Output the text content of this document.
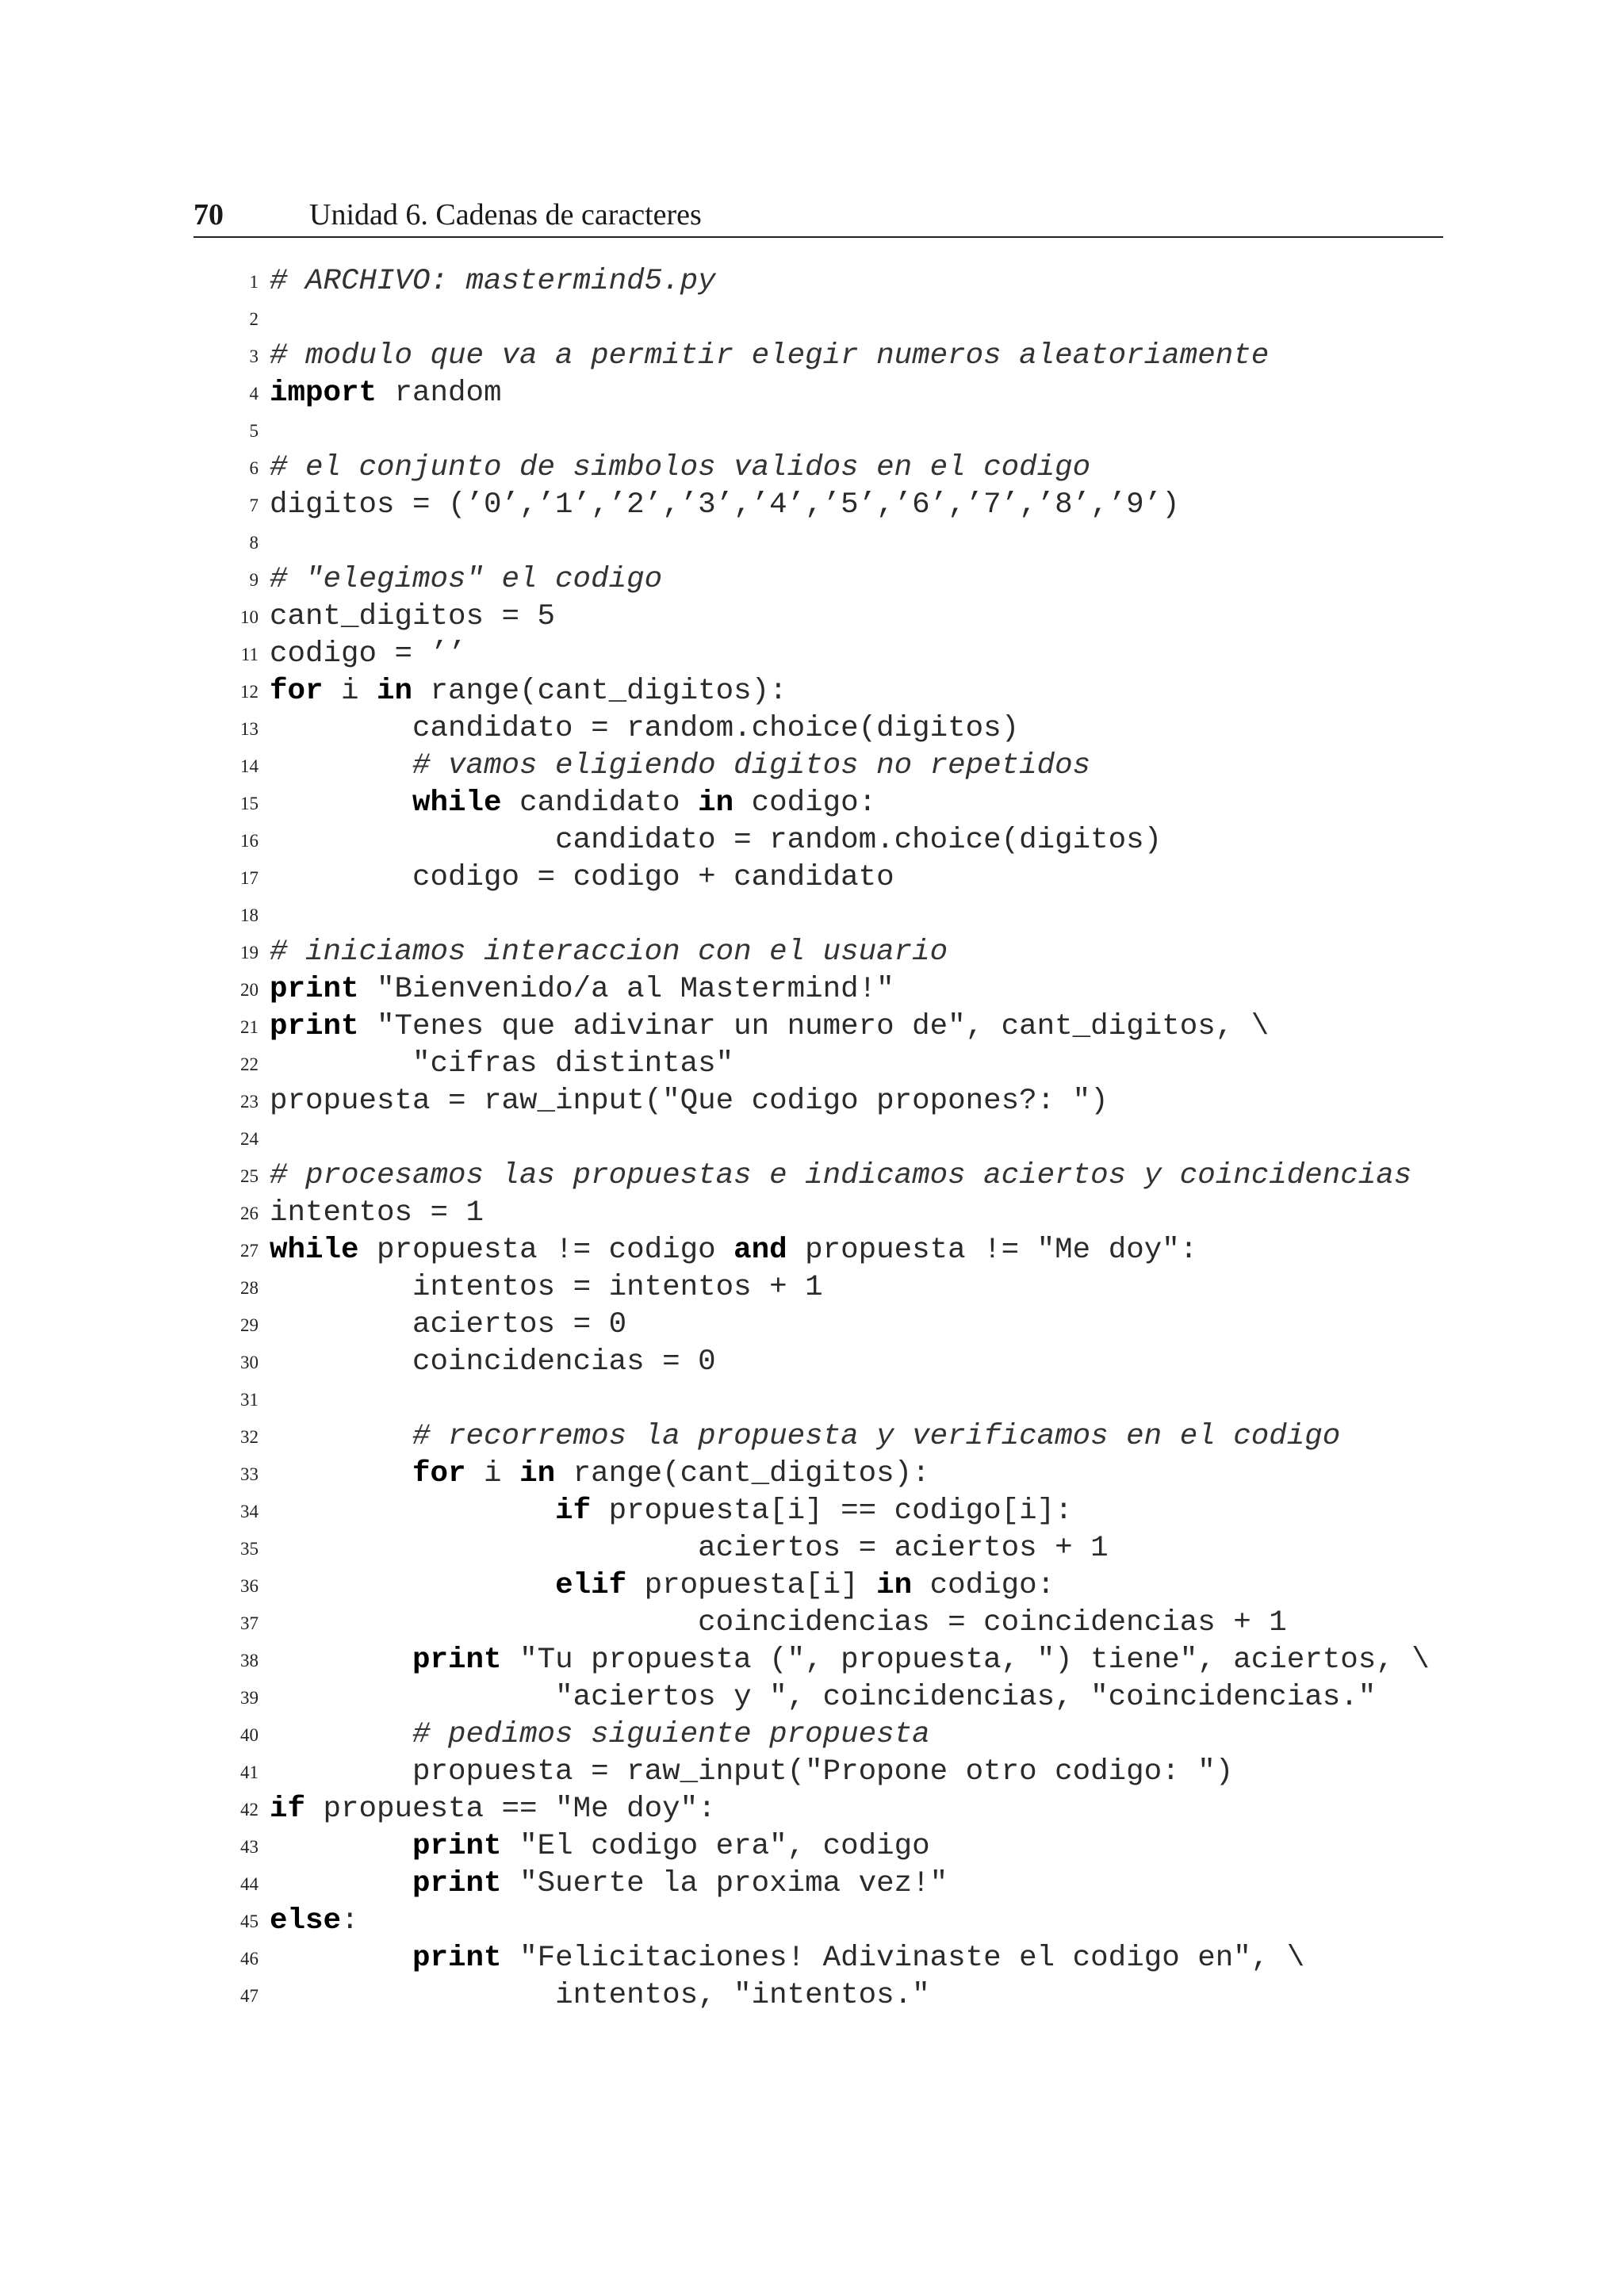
70	Unidad 6. Cadenas de caracteres
1 # ARCHIVO: mastermind5.py
2
3 # modulo que va a permitir elegir numeros aleatoriamente
4 import random
5
6 # el conjunto de simbolos validos en el codigo
7 digitos = (’0’,’1’,’2’,’3’,’4’,’5’,’6’,’7’,’8’,’9’)
8
9 # "elegimos" el codigo
10 cant_digitos = 5
11 codigo = ’’
12 for i in range(cant_digitos):
13	candidato = random.choice(digitos)
14	# vamos eligiendo digitos no repetidos
15	while candidato in codigo:
16	candidato = random.choice(digitos)
17	codigo = codigo + candidato
18
19 # iniciamos interaccion con el usuario
20 print "Bienvenido/a al Mastermind!"
21 print "Tenes que adivinar un numero de", cant_digitos, \
22	"cifras distintas"
23 propuesta = raw_input("Que codigo propones?: ")
24
25 # procesamos las propuestas e indicamos aciertos y coincidencias
26 intentos = 1
27 while propuesta != codigo and propuesta != "Me doy":
28	intentos = intentos + 1
29	aciertos = 0
30	coincidencias = 0
31
32	# recorremos la propuesta y verificamos en el codigo
33	for i in range(cant_digitos):
34	if propuesta[i] == codigo[i]:
35	aciertos = aciertos + 1
36	elif propuesta[i] in codigo:
37	coincidencias = coincidencias + 1
38	print "Tu propuesta (", propuesta, ") tiene", aciertos, \
39	"aciertos y ", coincidencias, "coincidencias."
40	# pedimos siguiente propuesta
41	propuesta = raw_input("Propone otro codigo: ")
42 if propuesta == "Me doy":
43	print "El codigo era", codigo
44	print "Suerte la proxima vez!"
45 else:
46	print "Felicitaciones! Adivinaste el codigo en", \
47	intentos, "intentos."
